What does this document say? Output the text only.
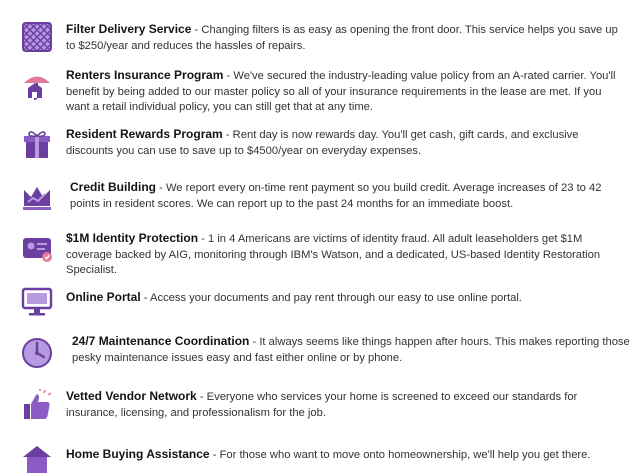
Filter Delivery Service - Changing filters is as easy as opening the front door. This service helps you save up to $250/year and reduces the hassles of repairs.
Renters Insurance Program - We've secured the industry-leading value policy from an A-rated carrier. You'll benefit by being added to our master policy so all of your insurance requirements in the lease are met. If you want a retail individual policy, you can still get that at any time.
Resident Rewards Program - Rent day is now rewards day. You'll get cash, gift cards, and exclusive discounts you can use to save up to $4500/year on everyday expenses.
Credit Building - We report every on-time rent payment so you build credit. Average increases of 23 to 42 points in resident scores. We can report up to the past 24 months for an immediate boost.
$1M Identity Protection - 1 in 4 Americans are victims of identity fraud. All adult leaseholders get $1M coverage backed by AIG, monitoring through IBM's Watson, and a dedicated, US-based Identity Restoration Specialist.
Online Portal - Access your documents and pay rent through our easy to use online portal.
24/7 Maintenance Coordination - It always seems like things happen after hours. This makes reporting those pesky maintenance issues easy and fast either online or by phone.
Vetted Vendor Network - Everyone who services your home is screened to exceed our standards for insurance, licensing, and professionalism for the job.
Home Buying Assistance - For those who want to move onto homeownership, we'll help you get there.
